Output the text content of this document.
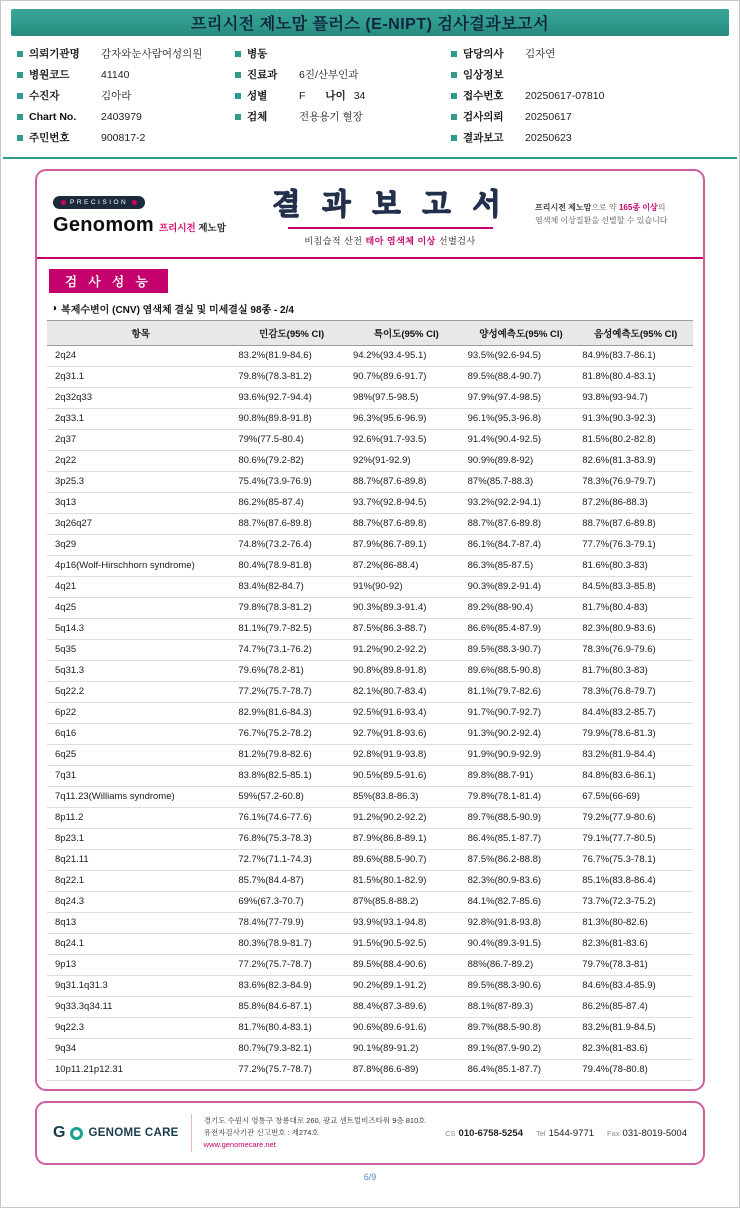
프리시전 제노맘 플러스 (E-NIPT) 검사결과보고서
의뢰기관명	감자와눈사람여성의원
병원코드	41140
수진자	김아라
Chart No.	2403979
주민번호	900817-2
병동
진료과	6진/산부인과
성별	F 나이 34
검체	전용용기 혈장
담당의사	김자연
임상정보
접수번호	20250617-07810
검사의뢰	20250617
결과보고	20250623
PRECISION
Genomom 프리시전 제노맘
결 과 보 고 서
비침습적 산전 태아 염색체 이상 선별검사
프리시전 제노맘으로 약 165종 이상의
염색체 이상질환을 선별할 수 있습니다
검 사 성 능
◑ 복제수변이 (CNV) 염색체 결실 및 미세결실 98종 - 2/4
항목	민감도(95% CI)	특이도(95% CI)	양성예측도(95% CI)	음성예측도(95% CI)
2q24	83.2%(81.9-84.6)	94.2%(93.4-95.1)	93.5%(92.6-94.5)	84.9%(83.7-86.1)
2q31.1	79.8%(78.3-81.2)	90.7%(89.6-91.7)	89.5%(88.4-90.7)	81.8%(80.4-83.1)
2q32q33	93.6%(92.7-94.4)	98%(97.5-98.5)	97.9%(97.4-98.5)	93.8%(93-94.7)
2q33.1	90.8%(89.8-91.8)	96.3%(95.6-96.9)	96.1%(95.3-96.8)	91.3%(90.3-92.3)
2q37	79%(77.5-80.4)	92.6%(91.7-93.5)	91.4%(90.4-92.5)	81.5%(80.2-82.8)
2q22	80.6%(79.2-82)	92%(91-92.9)	90.9%(89.8-92)	82.6%(81.3-83.9)
3p25.3	75.4%(73.9-76.9)	88.7%(87.6-89.8)	87%(85.7-88.3)	78.3%(76.9-79.7)
3q13	86.2%(85-87.4)	93.7%(92.8-94.5)	93.2%(92.2-94.1)	87.2%(86-88.3)
3q26q27	88.7%(87.6-89.8)	88.7%(87.6-89.8)	88.7%(87.6-89.8)	88.7%(87.6-89.8)
3q29	74.8%(73.2-76.4)	87.9%(86.7-89.1)	86.1%(84.7-87.4)	77.7%(76.3-79.1)
4p16(Wolf-Hirschhorn syndrome)	80.4%(78.9-81.8)	87.2%(86-88.4)	86.3%(85-87.5)	81.6%(80.3-83)
4q21	83.4%(82-84.7)	91%(90-92)	90.3%(89.2-91.4)	84.5%(83.3-85.8)
4q25	79.8%(78.3-81.2)	90.3%(89.3-91.4)	89.2%(88-90.4)	81.7%(80.4-83)
5q14.3	81.1%(79.7-82.5)	87.5%(86.3-88.7)	86.6%(85.4-87.9)	82.3%(80.9-83.6)
5q35	74.7%(73.1-76.2)	91.2%(90.2-92.2)	89.5%(88.3-90.7)	78.3%(76.9-79.6)
5q31.3	79.6%(78.2-81)	90.8%(89.8-91.8)	89.6%(88.5-90.8)	81.7%(80.3-83)
5q22.2	77.2%(75.7-78.7)	82.1%(80.7-83.4)	81.1%(79.7-82.6)	78.3%(76.8-79.7)
6p22	82.9%(81.6-84.3)	92.5%(91.6-93.4)	91.7%(90.7-92.7)	84.4%(83.2-85.7)
6q16	76.7%(75.2-78.2)	92.7%(91.8-93.6)	91.3%(90.2-92.4)	79.9%(78.6-81.3)
6q25	81.2%(79.8-82.6)	92.8%(91.9-93.8)	91.9%(90.9-92.9)	83.2%(81.9-84.4)
7q31	83.8%(82.5-85.1)	90.5%(89.5-91.6)	89.8%(88.7-91)	84.8%(83.6-86.1)
7q11.23(Williams syndrome)	59%(57.2-60.8)	85%(83.8-86.3)	79.8%(78.1-81.4)	67.5%(66-69)
8p11.2	76.1%(74.6-77.6)	91.2%(90.2-92.2)	89.7%(88.5-90.9)	79.2%(77.9-80.6)
8p23.1	76.8%(75.3-78.3)	87.9%(86.8-89.1)	86.4%(85.1-87.7)	79.1%(77.7-80.5)
8q21.11	72.7%(71.1-74.3)	89.6%(88.5-90.7)	87.5%(86.2-88.8)	76.7%(75.3-78.1)
8q22.1	85.7%(84.4-87)	81.5%(80.1-82.9)	82.3%(80.9-83.6)	85.1%(83.8-86.4)
8q24.3	69%(67.3-70.7)	87%(85.8-88.2)	84.1%(82.7-85.6)	73.7%(72.3-75.2)
8q13	78.4%(77-79.9)	93.9%(93.1-94.8)	92.8%(91.8-93.8)	81.3%(80-82.6)
8q24.1	80.3%(78.9-81.7)	91.5%(90.5-92.5)	90.4%(89.3-91.5)	82.3%(81-83.6)
9p13	77.2%(75.7-78.7)	89.5%(88.4-90.6)	88%(86.7-89.2)	79.7%(78.3-81)
9q31.1q31.3	83.6%(82.3-84.9)	90.2%(89.1-91.2)	89.5%(88.3-90.6)	84.6%(83.4-85.9)
9q33.3q34.11	85.8%(84.6-87.1)	88.4%(87.3-89.6)	88.1%(87-89.3)	86.2%(85-87.4)
9q22.3	81.7%(80.4-83.1)	90.6%(89.6-91.6)	89.7%(88.5-90.8)	83.2%(81.9-84.5)
9q34	80.7%(79.3-82.1)	90.1%(89-91.2)	89.1%(87.9-90.2)	82.3%(81-83.6)
10p11.21p12.31	77.2%(75.7-78.7)	87.8%(86.6-89)	86.4%(85.1-87.7)	79.4%(78-80.8)
G GENOME CARE
경기도 수원시 영통구 창룡대로 260, 광교 센트럴비즈타워 9층 810호
유전자검사기관 신고번호 : 제274호
www.genomecare.net
CS 010-6758-5254 Tel 1544-9771 Fax 031-8019-5004
6/9
